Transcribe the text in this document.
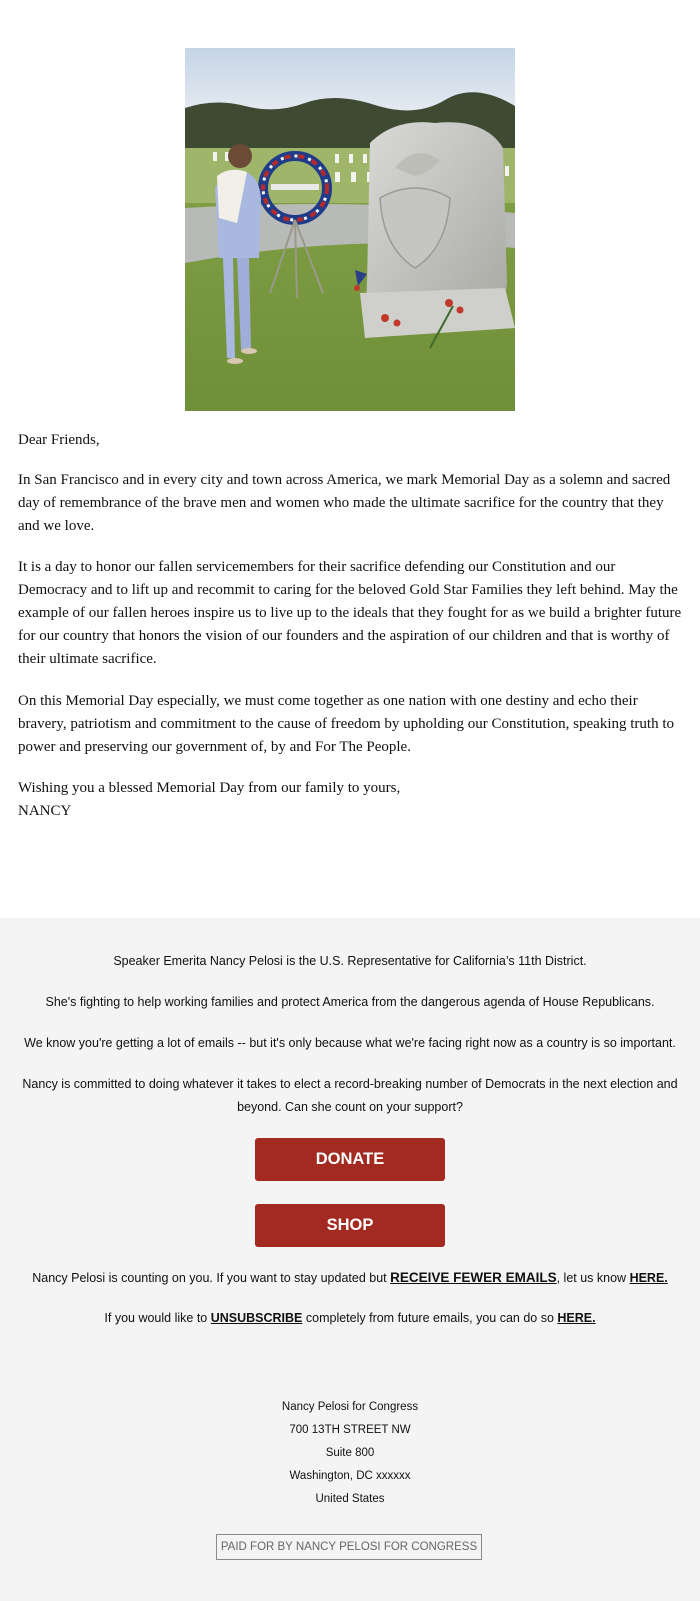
Dear Friends,

In San Francisco and in every city and town across America, we mark Memorial Day as a solemn and sacred day of remembrance of the brave men and women who made the ultimate sacrifice for the country that they and we love.

It is a day to honor our fallen servicemembers for their sacrifice defending our Constitution and our Democracy and to lift up and recommit to caring for the beloved Gold Star Families they left behind. May the example of our fallen heroes inspire us to live up to the ideals that they fought for as we build a brighter future for our country that honors the vision of our founders and the aspiration of our children and that is worthy of their ultimate sacrifice.

On this Memorial Day especially, we must come together as one nation with one destiny and echo their bravery, patriotism and commitment to the cause of freedom by upholding our Constitution, speaking truth to power and preserving our government of, by and For The People.

Wishing you a blessed Memorial Day from our family to yours,

NANCY

Speaker Emerita Nancy Pelosi is the U.S. Representative for California’s 11th District.
She's fighting to help working families and protect America from the dangerous agenda of House Republicans.
We know you're getting a lot of emails -- but it's only because what we're facing right now as a country is so important.
Nancy is committed to doing whatever it takes to elect a record-breaking number of Democrats in the next election and beyond. Can she count on your support?
DONATE
SHOP
Nancy Pelosi is counting on you. If you want to stay updated but RECEIVE FEWER EMAILS, let us know HERE.
If you would like to UNSUBSCRIBE completely from future emails, you can do so HERE.
Nancy Pelosi for Congress
700 13TH STREET NW
Suite 800
Washington, DC xxxxxx
United States
PAID FOR BY NANCY PELOSI FOR CONGRESS
